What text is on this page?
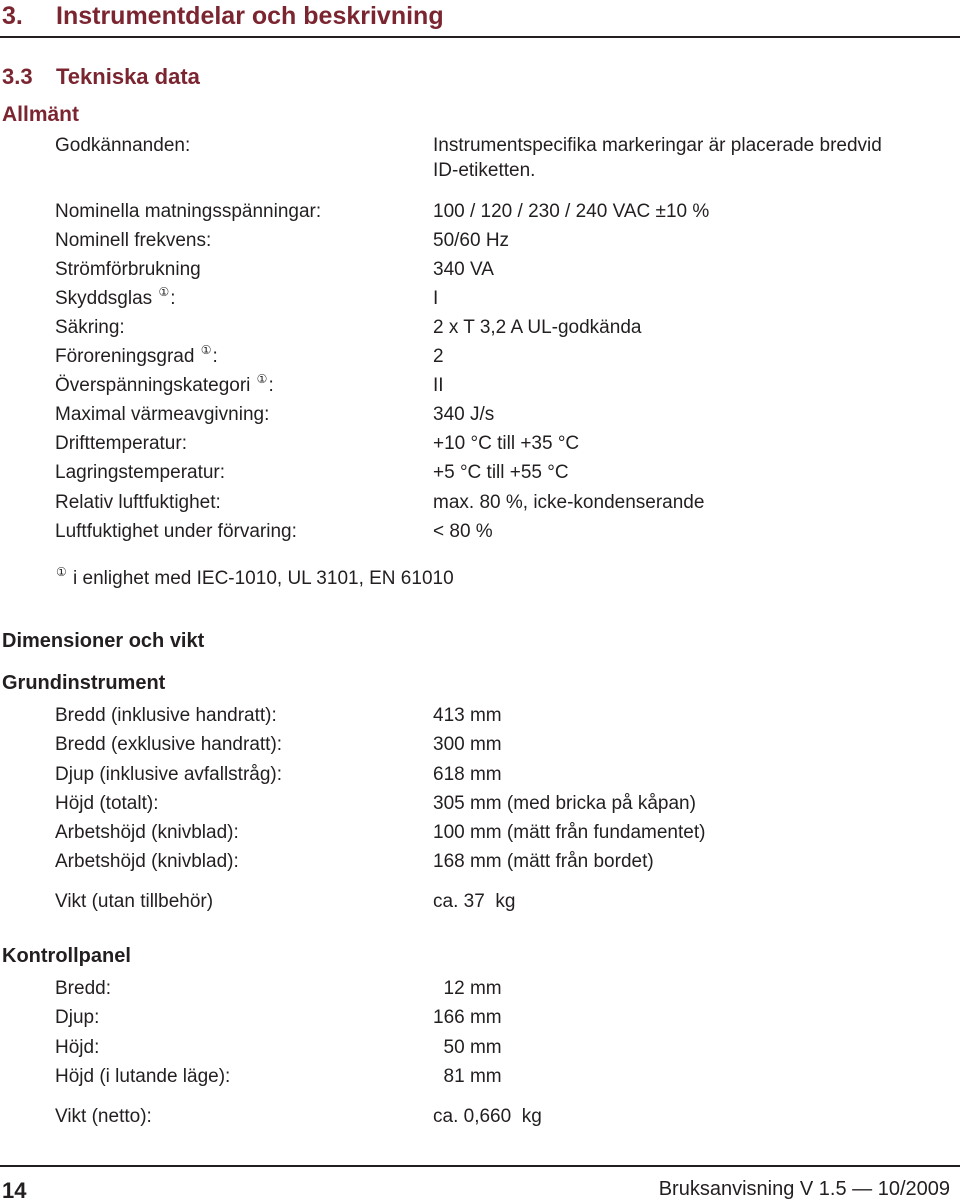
3. Instrumentdelar och beskrivning
3.3 Tekniska data
Allmänt
Godkännanden:	Instrumentspecifika markeringar är placerade bredvid
ID-etiketten.
Nominella matningsspänningar:	100 / 120 / 230 / 240 VAC ±10 %
Nominell frekvens:	50/60 Hz
Strömförbrukning	340 VA
Skyddsglas ①:	I
Säkring:	2 x T 3,2 A UL-godkända
Föroreningsgrad ①:	2
Överspänningskategori ①:	II
Maximal värmeavgivning:	340 J/s
Drifttemperatur:	+10 °C till +35 °C
Lagringstemperatur:	+5 °C till +55 °C
Relativ luftfuktighet:	max. 80 %, icke-kondenserande
Luftfuktighet under förvaring:	< 80 %
① i enlighet med IEC-1010, UL 3101, EN 61010
Dimensioner och vikt
Grundinstrument
Bredd (inklusive handratt):	413 mm
Bredd (exklusive handratt):	300 mm
Djup (inklusive avfallstråg):	618 mm
Höjd (totalt):	305 mm (med bricka på kåpan)
Arbetshöjd (knivblad):	100 mm (mätt från fundamentet)
Arbetshöjd (knivblad):	168 mm (mätt från bordet)
Vikt (utan tillbehör)	ca. 37  kg
Kontrollpanel
Bredd:	12 mm
Djup:	166 mm
Höjd:	50 mm
Höjd (i lutande läge):	81 mm
Vikt (netto):	ca. 0,660  kg
14	Bruksanvisning V 1.5 — 10/2009
